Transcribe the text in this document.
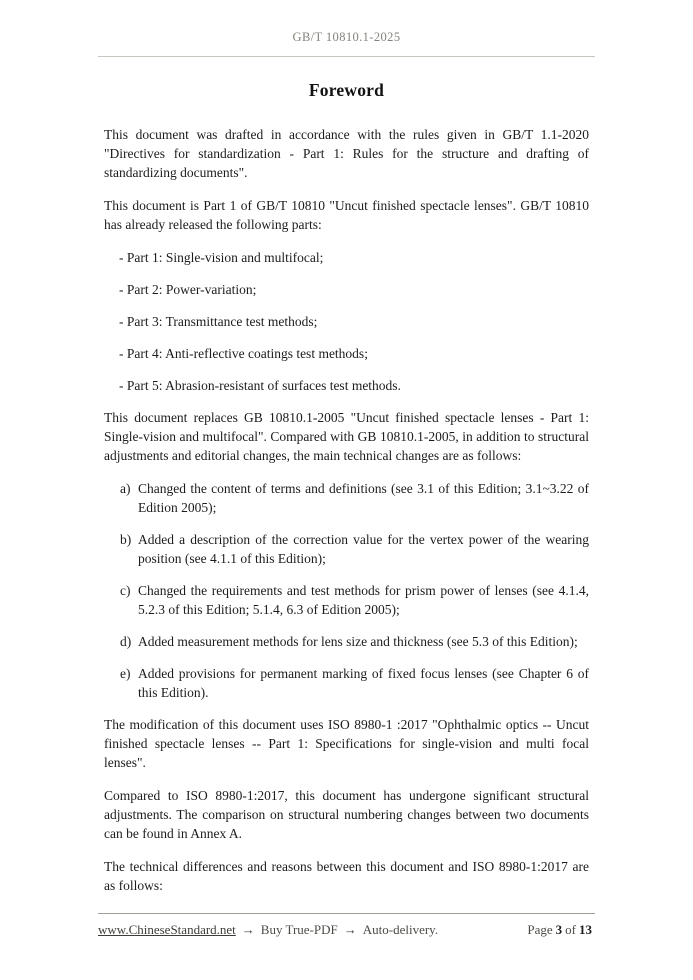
GB/T 10810.1-2025
Foreword

This document was drafted in accordance with the rules given in GB/T 1.1-2020 "Directives for standardization - Part 1: Rules for the structure and drafting of standardizing documents".

This document is Part 1 of GB/T 10810 "Uncut finished spectacle lenses". GB/T 10810 has already released the following parts:

- Part 1: Single-vision and multifocal;

- Part 2: Power-variation;

- Part 3: Transmittance test methods;

- Part 4: Anti-reflective coatings test methods;

- Part 5: Abrasion-resistant of surfaces test methods.

This document replaces GB 10810.1-2005 "Uncut finished spectacle lenses - Part 1: Single-vision and multifocal". Compared with GB 10810.1-2005, in addition to structural adjustments and editorial changes, the main technical changes are as follows:

a) Changed the content of terms and definitions (see 3.1 of this Edition; 3.1~3.22 of Edition 2005);
b) Added a description of the correction value for the vertex power of the wearing position (see 4.1.1 of this Edition);
c) Changed the requirements and test methods for prism power of lenses (see 4.1.4, 5.2.3 of this Edition; 5.1.4, 6.3 of Edition 2005);
d) Added measurement methods for lens size and thickness (see 5.3 of this Edition);
e) Added provisions for permanent marking of fixed focus lenses (see Chapter 6 of this Edition).

The modification of this document uses ISO 8980-1 :2017 "Ophthalmic optics -- Uncut finished spectacle lenses -- Part 1: Specifications for single-vision and multi focal lenses".

Compared to ISO 8980-1:2017, this document has undergone significant structural adjustments. The comparison on structural numbering changes between two documents can be found in Annex A.

The technical differences and reasons between this document and ISO 8980-1:2017 are as follows:

www.ChineseStandard.net → Buy True-PDF → Auto-delivery.	Page 3 of 13
